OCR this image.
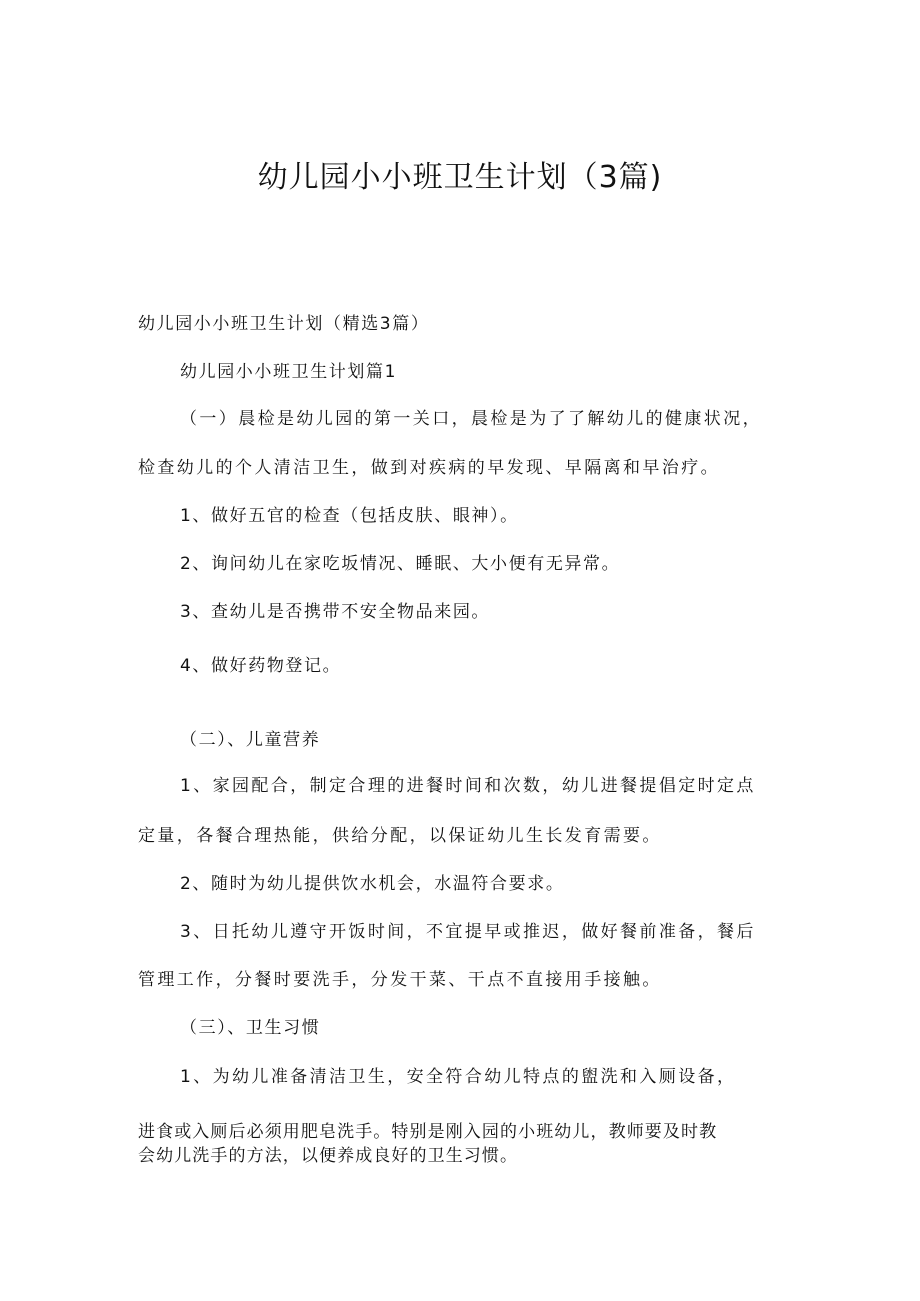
幼儿园小小班卫生计划（3篇)
幼儿园小小班卫生计划（精选3篇）
幼儿园小小班卫生计划篇1
（一）晨检是幼儿园的第一关口，晨检是为了了解幼儿的健康状况，
检查幼儿的个人清洁卫生，做到对疾病的早发现、早隔离和早治疗。
1、做好五官的检查（包括皮肤、眼神）。
2、询问幼儿在家吃坂情况、睡眠、大小便有无异常。
3、查幼儿是否携带不安全物品来园。
4、做好药物登记。
（二）、儿童营养
1、家园配合，制定合理的进餐时间和次数，幼儿进餐提倡定时定点
定量，各餐合理热能，供给分配，以保证幼儿生长发育需要。
2、随时为幼儿提供饮水机会，水温符合要求。
3、日托幼儿遵守开饭时间，不宜提早或推迟，做好餐前准备，餐后
管理工作，分餐时要洗手，分发干菜、干点不直接用手接触。
（三）、卫生习惯
1、为幼儿准备清洁卫生，安全符合幼儿特点的盥洗和入厕设备，
进食或入厕后必须用肥皂洗手。特别是刚入园的小班幼儿，教师要及时教
会幼儿洗手的方法，以便养成良好的卫生习惯。
